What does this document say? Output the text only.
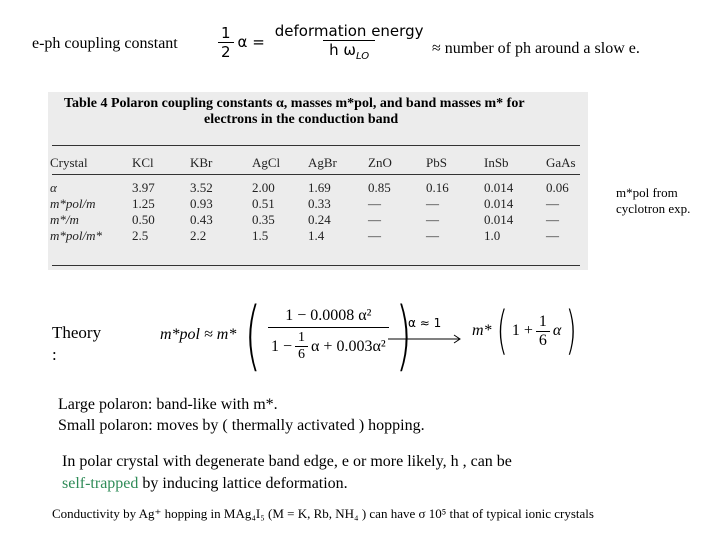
e-ph coupling constant	$\frac{1}{2}$ $\alpha = \frac{\text{deformation energy}}{h \omega_{LO}}$ ≈ number of ph around a slow e.
Table 4 Polaron coupling constants α, masses m*pol, and band masses m* for
electrons in the conduction band
Crystal	KCl	KBr	AgCl	AgBr	ZnO	PbS	InSb	GaAs
α	3.97	3.52	2.00	1.69	0.85	0.16	0.014	0.06
m*pol/m	1.25	0.93	0.51	0.33	—	—	0.014	—
m*/m	0.50	0.43	0.35	0.24	—	—	0.014	—
m*pol/m*	2.5	2.2	1.5	1.4	—	—	1.0	—
m*pol from
cyclotron exp.
Theory
:
m*pol ≈ m* ( $\frac{\text{1 − 0.0008 α²}}{1 - \frac{1}{6} \alpha + 0.003\alpha^2}$ )
α ≈ 1 m* ( $1 + \frac{1}{6}$ α )
Large polaron: band-like with m*.
Small polaron: moves by ( thermally activated ) hopping.
In polar crystal with degenerate band edge, e or more likely, h , can be
self-trapped by inducing lattice deformation.
Conductivity by Ag⁺ hopping in MAg₄I₅ (M = K, Rb, NH₄ ) can have σ 10⁵ that of typical ionic crystals
